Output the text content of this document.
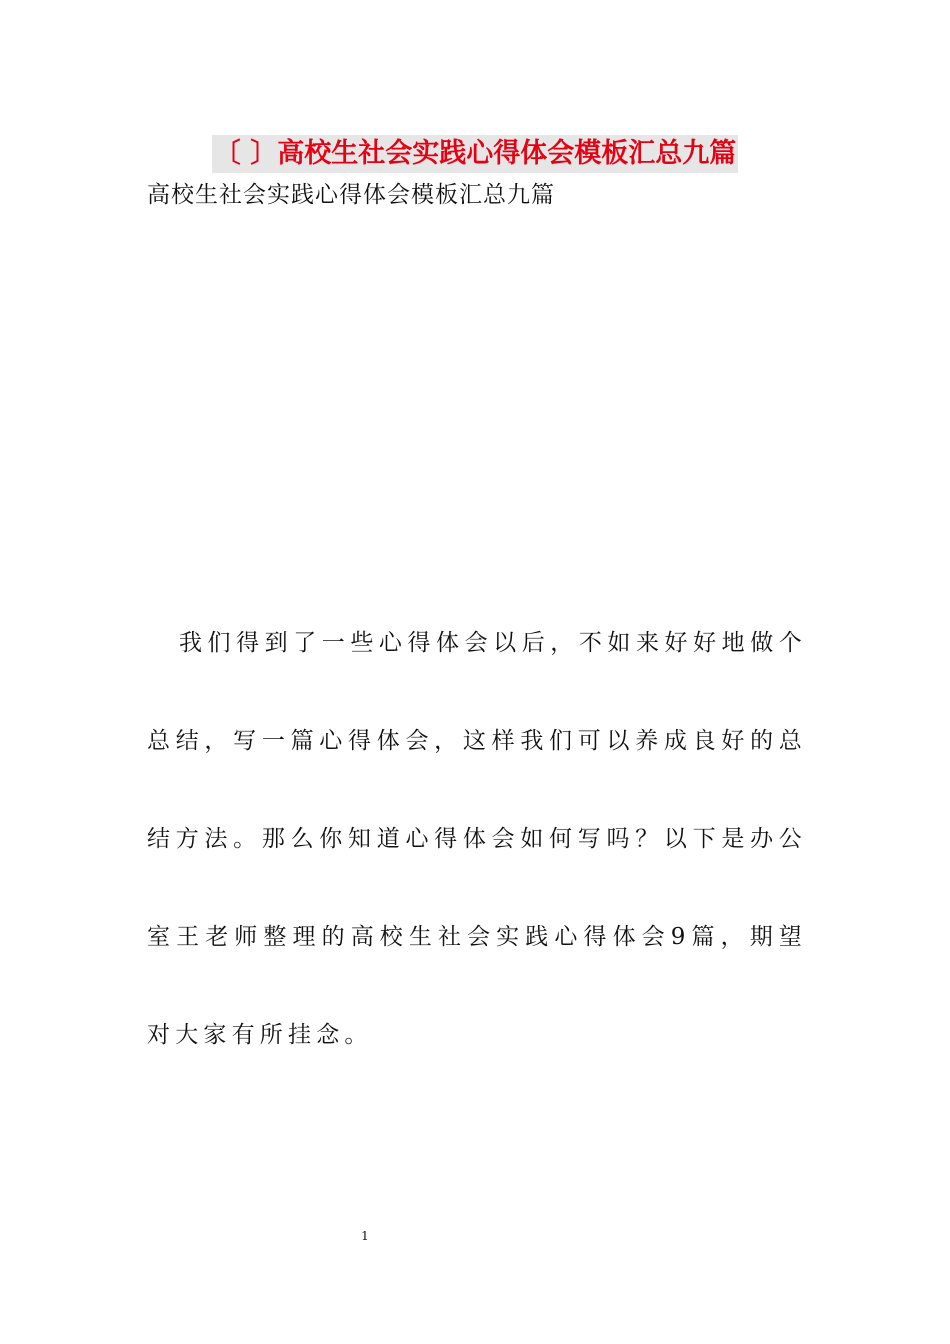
〔 〕高校生社会实践心得体会模板汇总九篇

高校生社会实践心得体会模板汇总九篇

我们得到了一些心得体会以后，不如来好好地做个总结，写一篇心得体会，这样我们可以养成良好的总结方法。那么你知道心得体会如何写吗？以下是办公室王老师整理的高校生社会实践心得体会9篇，期望对大家有所挂念。

1
